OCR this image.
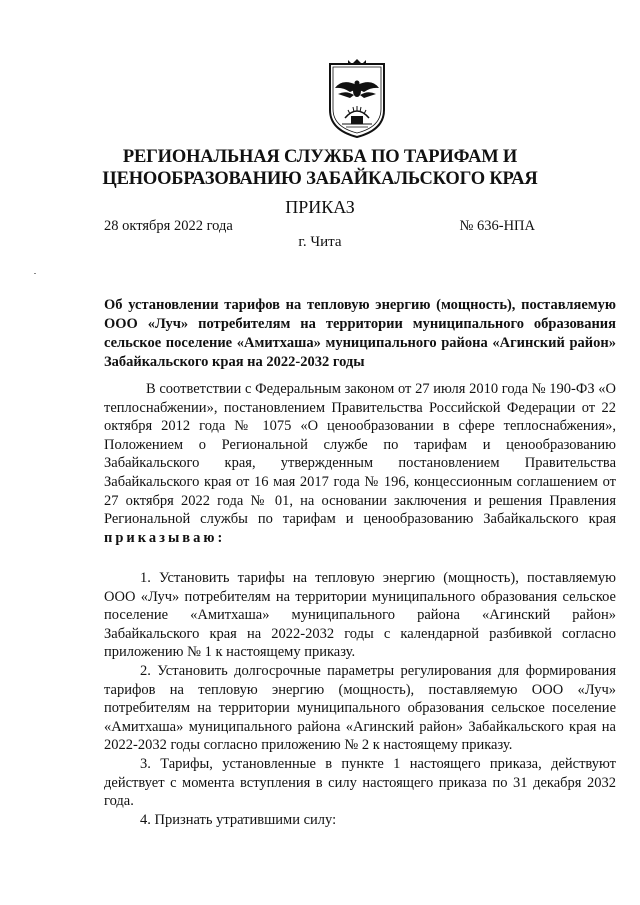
РЕГИОНАЛЬНАЯ СЛУЖБА ПО ТАРИФАМ И
ЦЕНООБРАЗОВАНИЮ ЗАБАЙКАЛЬСКОГО КРАЯ
ПРИКАЗ
28 октября 2022 года	№ 636-НПА
г. Чита
Об установлении тарифов на тепловую энергию (мощность), поставляемую ООО «Луч» потребителям на территории муниципального образования сельское поселение «Амитхаша» муниципального района «Агинский район» Забайкальского края на 2022-2032 годы
В соответствии с Федеральным законом от 27 июля 2010 года № 190-ФЗ «О теплоснабжении», постановлением Правительства Российской Федерации от 22 октября 2012 года № 1075 «О ценообразовании в сфере теплоснабжения», Положением о Региональной службе по тарифам и ценообразованию Забайкальского края, утвержденным постановлением Правительства Забайкальского края от 16 мая 2017 года № 196, концессионным соглашением от 27 октября 2022 года № 01, на основании заключения и решения Правления Региональной службы по тарифам и ценообразованию Забайкальского края приказываю:

1. Установить тарифы на тепловую энергию (мощность), поставляемую ООО «Луч» потребителям на территории муниципального образования сельское поселение «Амитхаша» муниципального района «Агинский район» Забайкальского края на 2022-2032 годы с календарной разбивкой согласно приложению № 1 к настоящему приказу.

2. Установить долгосрочные параметры регулирования для формирования тарифов на тепловую энергию (мощность), поставляемую ООО «Луч» потребителям на территории муниципального образования сельское поселение «Амитхаша» муниципального района «Агинский район» Забайкальского края на 2022-2032 годы согласно приложению № 2 к настоящему приказу.

3. Тарифы, установленные в пункте 1 настоящего приказа, действуют действует с момента вступления в силу настоящего приказа по 31 декабря 2032 года.

4. Признать утратившими силу:
